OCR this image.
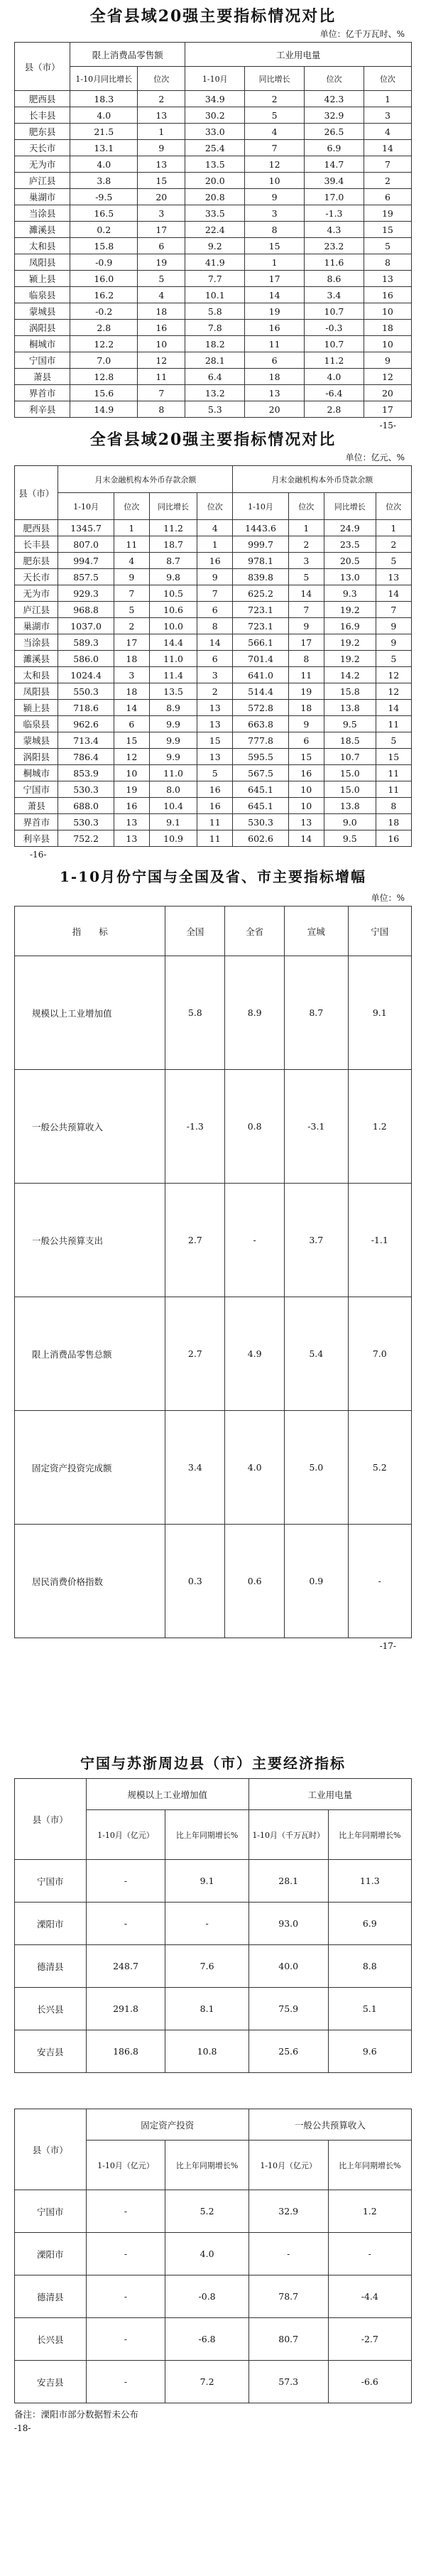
全省县域20强主要指标情况对比
单位：亿千万瓦时、%
县（市）	限上消费品零售额		工业用电量			
	1-10月同比增长	位次	1-10月	同比增长	位次	位次
肥西县	18.3	2	34.9	2	42.3	1
长丰县	4.0	13	30.2	5	32.9	3
肥东县	21.5	1	33.0	4	26.5	4
天长市	13.1	9	25.4	7	6.9	14
无为市	4.0	13	13.5	12	14.7	7
庐江县	3.8	15	20.0	10	39.4	2
巢湖市	-9.5	20	20.8	9	17.0	6
当涂县	16.5	3	33.5	3	-1.3	19
濉溪县	0.2	17	22.4	8	4.3	15
太和县	15.8	6	9.2	15	23.2	5
凤阳县	-0.9	19	41.9	1	11.6	8
颍上县	16.0	5	7.7	17	8.6	13
临泉县	16.2	4	10.1	14	3.4	16
蒙城县	-0.2	18	5.8	19	10.7	10
涡阳县	2.8	16	7.8	16	-0.3	18
桐城市	12.2	10	18.2	11	10.7	10
宁国市	7.0	12	28.1	6	11.2	9
萧县	12.8	11	6.4	18	4.0	12
界首市	15.6	7	13.2	13	-6.4	20
利辛县	14.9	8	5.3	20	2.8	17
-15-
全省县域20强主要指标情况对比
单位：亿元、%
县（市）	月末金融机构本外币存款余额				月末金融机构本外币贷款余额			
	1-10月	位次	同比增长	位次	1-10月	位次	同比增长	位次
肥西县	1345.7	1	11.2	4	1443.6	1	24.9	1
长丰县	807.0	11	18.7	1	999.7	2	23.5	2
肥东县	994.7	4	8.7	16	978.1	3	20.5	5
天长市	857.5	9	9.8	9	839.8	5	13.0	13
无为市	929.3	7	10.5	7	625.2	14	9.3	14
庐江县	968.8	5	10.6	6	723.1	7	19.2	7
巢湖市	1037.0	2	10.0	8	723.1	9	16.9	9
当涂县	589.3	17	14.4	14	566.1	17	19.2	9
濉溪县	586.0	18	11.0	6	701.4	8	19.2	5
太和县	1024.4	3	11.4	3	641.0	11	14.2	12
凤阳县	550.3	18	13.5	2	514.4	19	15.8	12
颍上县	718.6	14	8.9	13	572.8	18	13.8	14
临泉县	962.6	6	9.9	13	663.8	9	9.5	11
蒙城县	713.4	15	9.9	15	777.8	6	18.5	5
涡阳县	786.4	12	9.9	13	595.5	15	10.7	15
桐城市	853.9	10	11.0	5	567.5	16	15.0	11
宁国市	530.3	19	8.0	16	645.1	10	15.0	11
萧县	688.0	16	10.4	16	645.1	10	13.8	8
界首市	530.3	13	9.1	11	530.3	13	9.0	18
利辛县	752.2	13	10.9	11	602.6	14	9.5	16
-16-
1-10月份宁国与全国及省、市主要指标增幅
单位：%
指　　标	全国	全省	宣城	宁国
规模以上工业增加值	5.8	8.9	8.7	9.1
一般公共预算收入	-1.3	0.8	-3.1	1.2
一般公共预算支出	2.7	-	3.7	-1.1
限上消费品零售总额	2.7	4.9	5.4	7.0
固定资产投资完成额	3.4	4.0	5.0	5.2
居民消费价格指数	0.3	0.6	0.9	-
-17-
宁国与苏浙周边县（市）主要经济指标
县（市）	规模以上工业增加值		工业用电量	
	1-10月（亿元）	比上年同期增长%	1-10月（千万瓦时）	比上年同期增长%
宁国市	-	9.1	28.1	11.3
溧阳市	-	-	93.0	6.9
德清县	248.7	7.6	40.0	8.8
长兴县	291.8	8.1	75.9	5.1
安吉县	186.8	10.8	25.6	9.6
县（市）	固定资产投资		一般公共预算收入	
	1-10月（亿元）	比上年同期增长%	1-10月（亿元）	比上年同期增长%
宁国市	-	5.2	32.9	1.2
溧阳市	-	4.0	-	-
德清县	-	-0.8	78.7	-4.4
长兴县	-	-6.8	80.7	-2.7
安吉县	-	7.2	57.3	-6.6
备注：溧阳市部分数据暂未公布
-18-
